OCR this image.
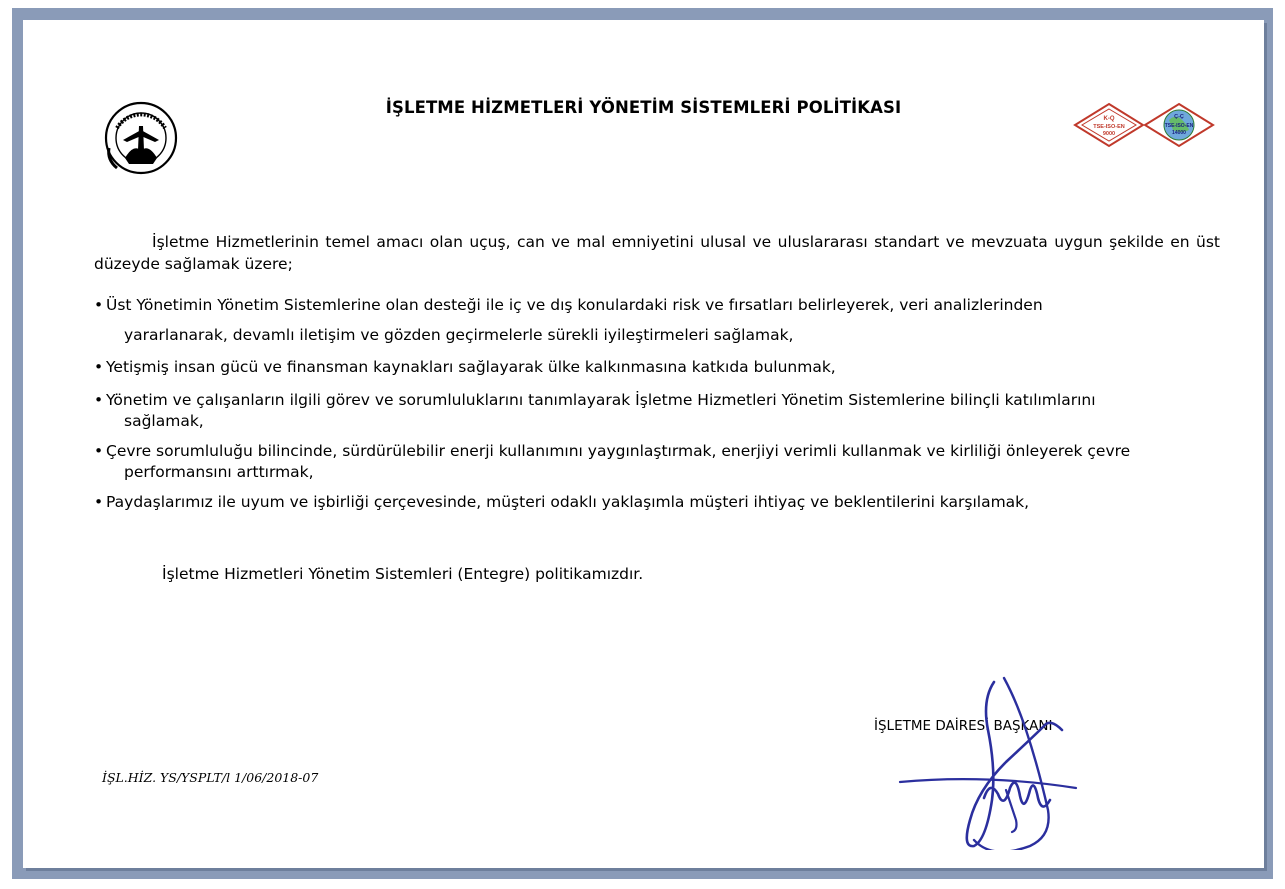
İŞLETME HİZMETLERİ YÖNETİM SİSTEMLERİ POLİTİKASI
K-Q
TSE-ISO-EN
9000
Ç-Ç
TSE-ISO-EN
14000
İşletme Hizmetlerinin temel amacı olan uçuş, can ve mal emniyetini ulusal ve uluslararası standart ve mevzuata uygun şekilde en üst düzeyde sağlamak üzere;
• Üst Yönetimin Yönetim Sistemlerine olan desteği ile iç ve dış konulardaki risk ve fırsatları belirleyerek, veri analizlerinden
yararlanarak, devamlı iletişim ve gözden geçirmelerle sürekli iyileştirmeleri sağlamak,
• Yetişmiş insan gücü ve finansman kaynakları sağlayarak ülke kalkınmasına katkıda bulunmak,
• Yönetim ve çalışanların ilgili görev ve sorumluluklarını tanımlayarak İşletme Hizmetleri Yönetim Sistemlerine bilinçli katılımlarını
sağlamak,
• Çevre sorumluluğu bilincinde, sürdürülebilir enerji kullanımını yaygınlaştırmak, enerjiyi verimli kullanmak ve kirliliği önleyerek çevre
performansını arttırmak,
• Paydaşlarımız ile uyum ve işbirliği çerçevesinde, müşteri odaklı yaklaşımla müşteri ihtiyaç ve beklentilerini karşılamak,
İşletme Hizmetleri Yönetim Sistemleri (Entegre) politikamızdır.
İŞL.HİZ. YS/YSPLT/l 1/06/2018-07
İŞLETME DAİRESİ BAŞKANI
